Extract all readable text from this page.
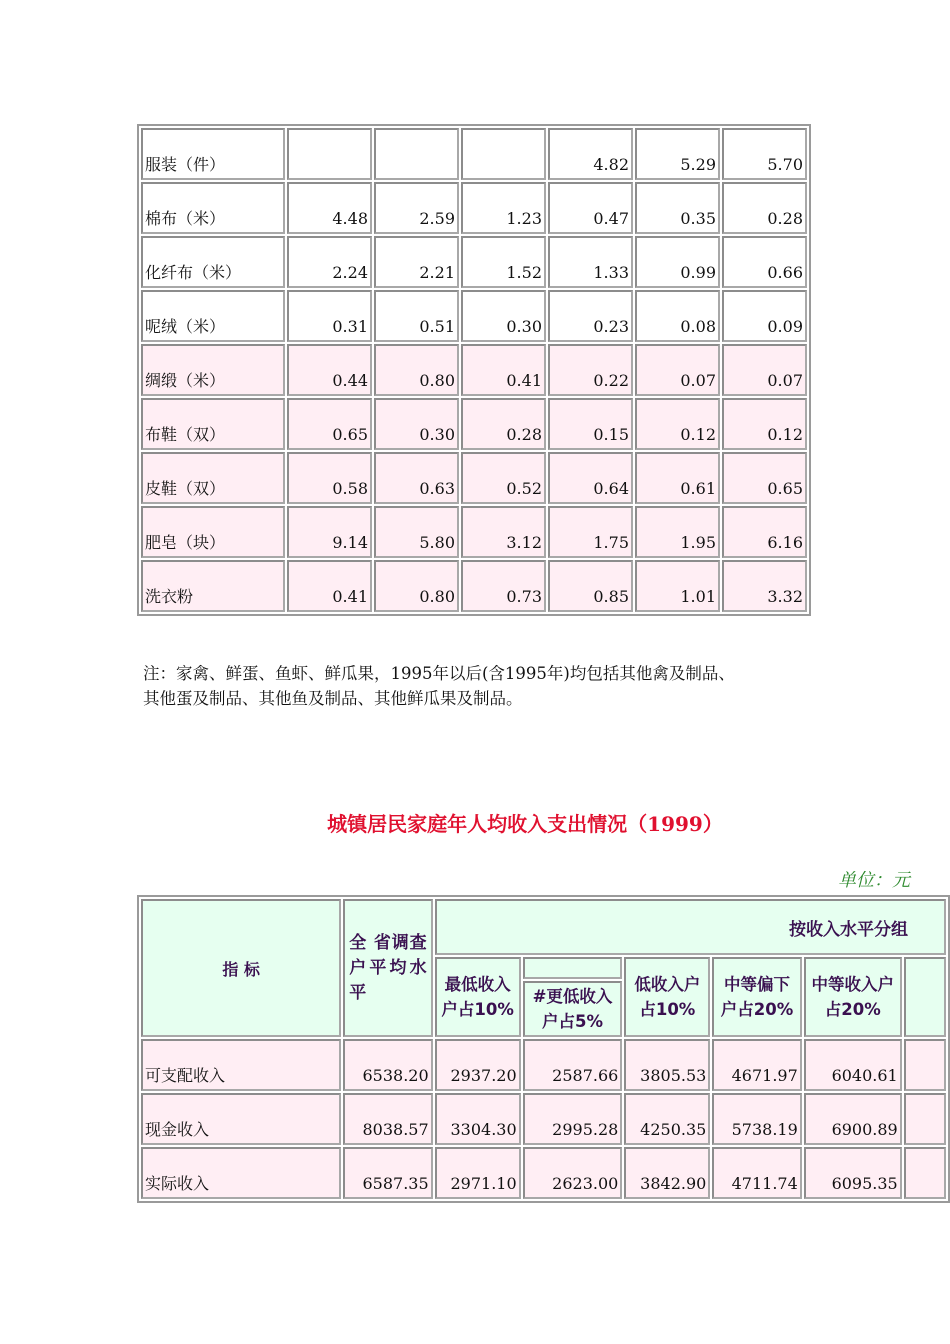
服装（件）				4.82	5.29	5.70
棉布（米）	4.48	2.59	1.23	0.47	0.35	0.28
化纤布（米）	2.24	2.21	1.52	1.33	0.99	0.66
呢绒（米）	0.31	0.51	0.30	0.23	0.08	0.09
绸缎（米）	0.44	0.80	0.41	0.22	0.07	0.07
布鞋（双）	0.65	0.30	0.28	0.15	0.12	0.12
皮鞋（双）	0.58	0.63	0.52	0.64	0.61	0.65
肥皂（块）	9.14	5.80	3.12	1.75	1.95	6.16
洗衣粉	0.41	0.80	0.73	0.85	1.01	3.32
注：家禽、鲜蛋、鱼虾、鲜瓜果，1995年以后(含1995年)均包括其他禽及制品、
其他蛋及制品、其他鱼及制品、其他鲜瓜果及制品。
城镇居民家庭年人均收入支出情况（1999）
单位：元
指 标	全 省调查户平均水平	按收入水平分组					
		最低收入户占10%		低收入户占10%	中等偏下户占20%	中等收入户占20%	
			#更低收入户占5%				
可支配收入	6538.20	2937.20	2587.66	3805.53	4671.97	6040.61	
现金收入	8038.57	3304.30	2995.28	4250.35	5738.19	6900.89	
实际收入	6587.35	2971.10	2623.00	3842.90	4711.74	6095.35	
